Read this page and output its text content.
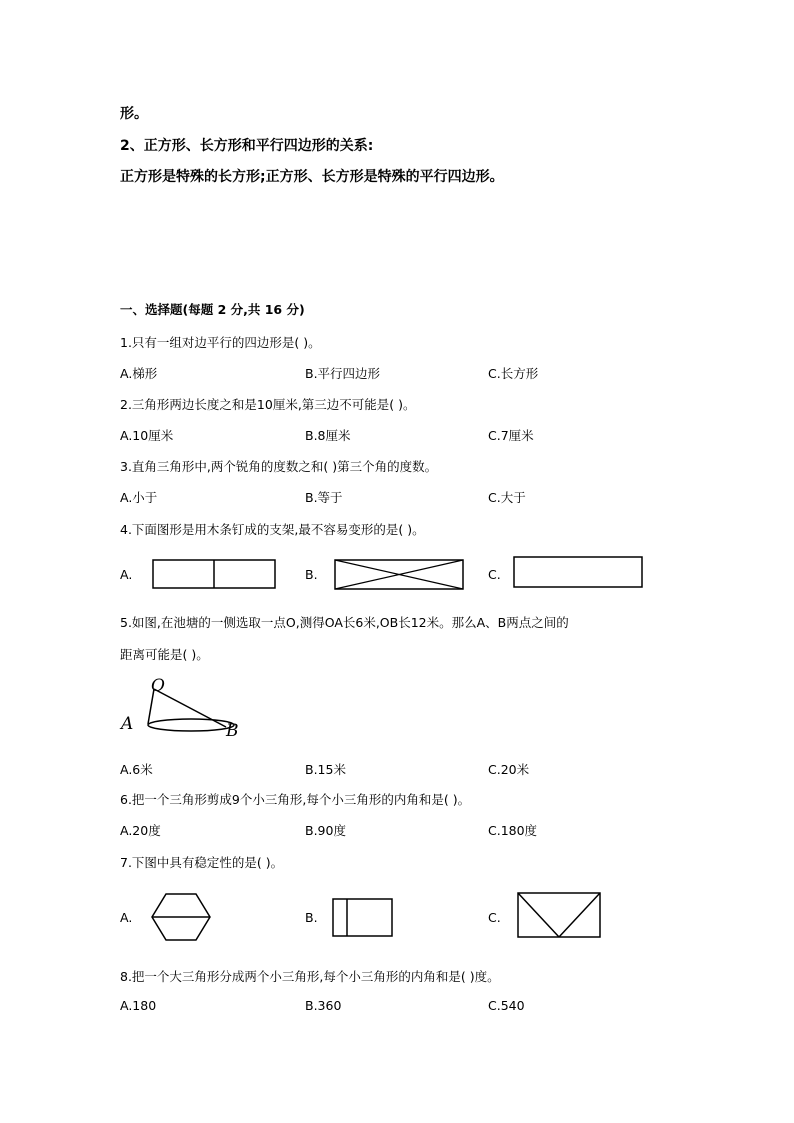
形。
2、正方形、长方形和平行四边形的关系:
正方形是特殊的长方形;正方形、长方形是特殊的平行四边形。
一、选择题(每题 2 分,共 16 分)
1.只有一组对边平行的四边形是( )。
A.梯形	B.平行四边形	C.长方形
2.三角形两边长度之和是10厘米,第三边不可能是( )。
A.10厘米	B.8厘米	C.7厘米
3.直角三角形中,两个锐角的度数之和( )第三个角的度数。
A.小于	B.等于	C.大于
4.下面图形是用木条钉成的支架,最不容易变形的是( )。
A.	B.	C.
5.如图,在池塘的一侧选取一点O,测得OA长6米,OB长12米。那么A、B两点之间的
距离可能是( )。
O
A	B
A.6米	B.15米	C.20米
6.把一个三角形剪成9个小三角形,每个小三角形的内角和是( )。
A.20度	B.90度	C.180度
7.下图中具有稳定性的是( )。
A.	B.	C.
8.把一个大三角形分成两个小三角形,每个小三角形的内角和是( )度。
A.180	B.360	C.540
